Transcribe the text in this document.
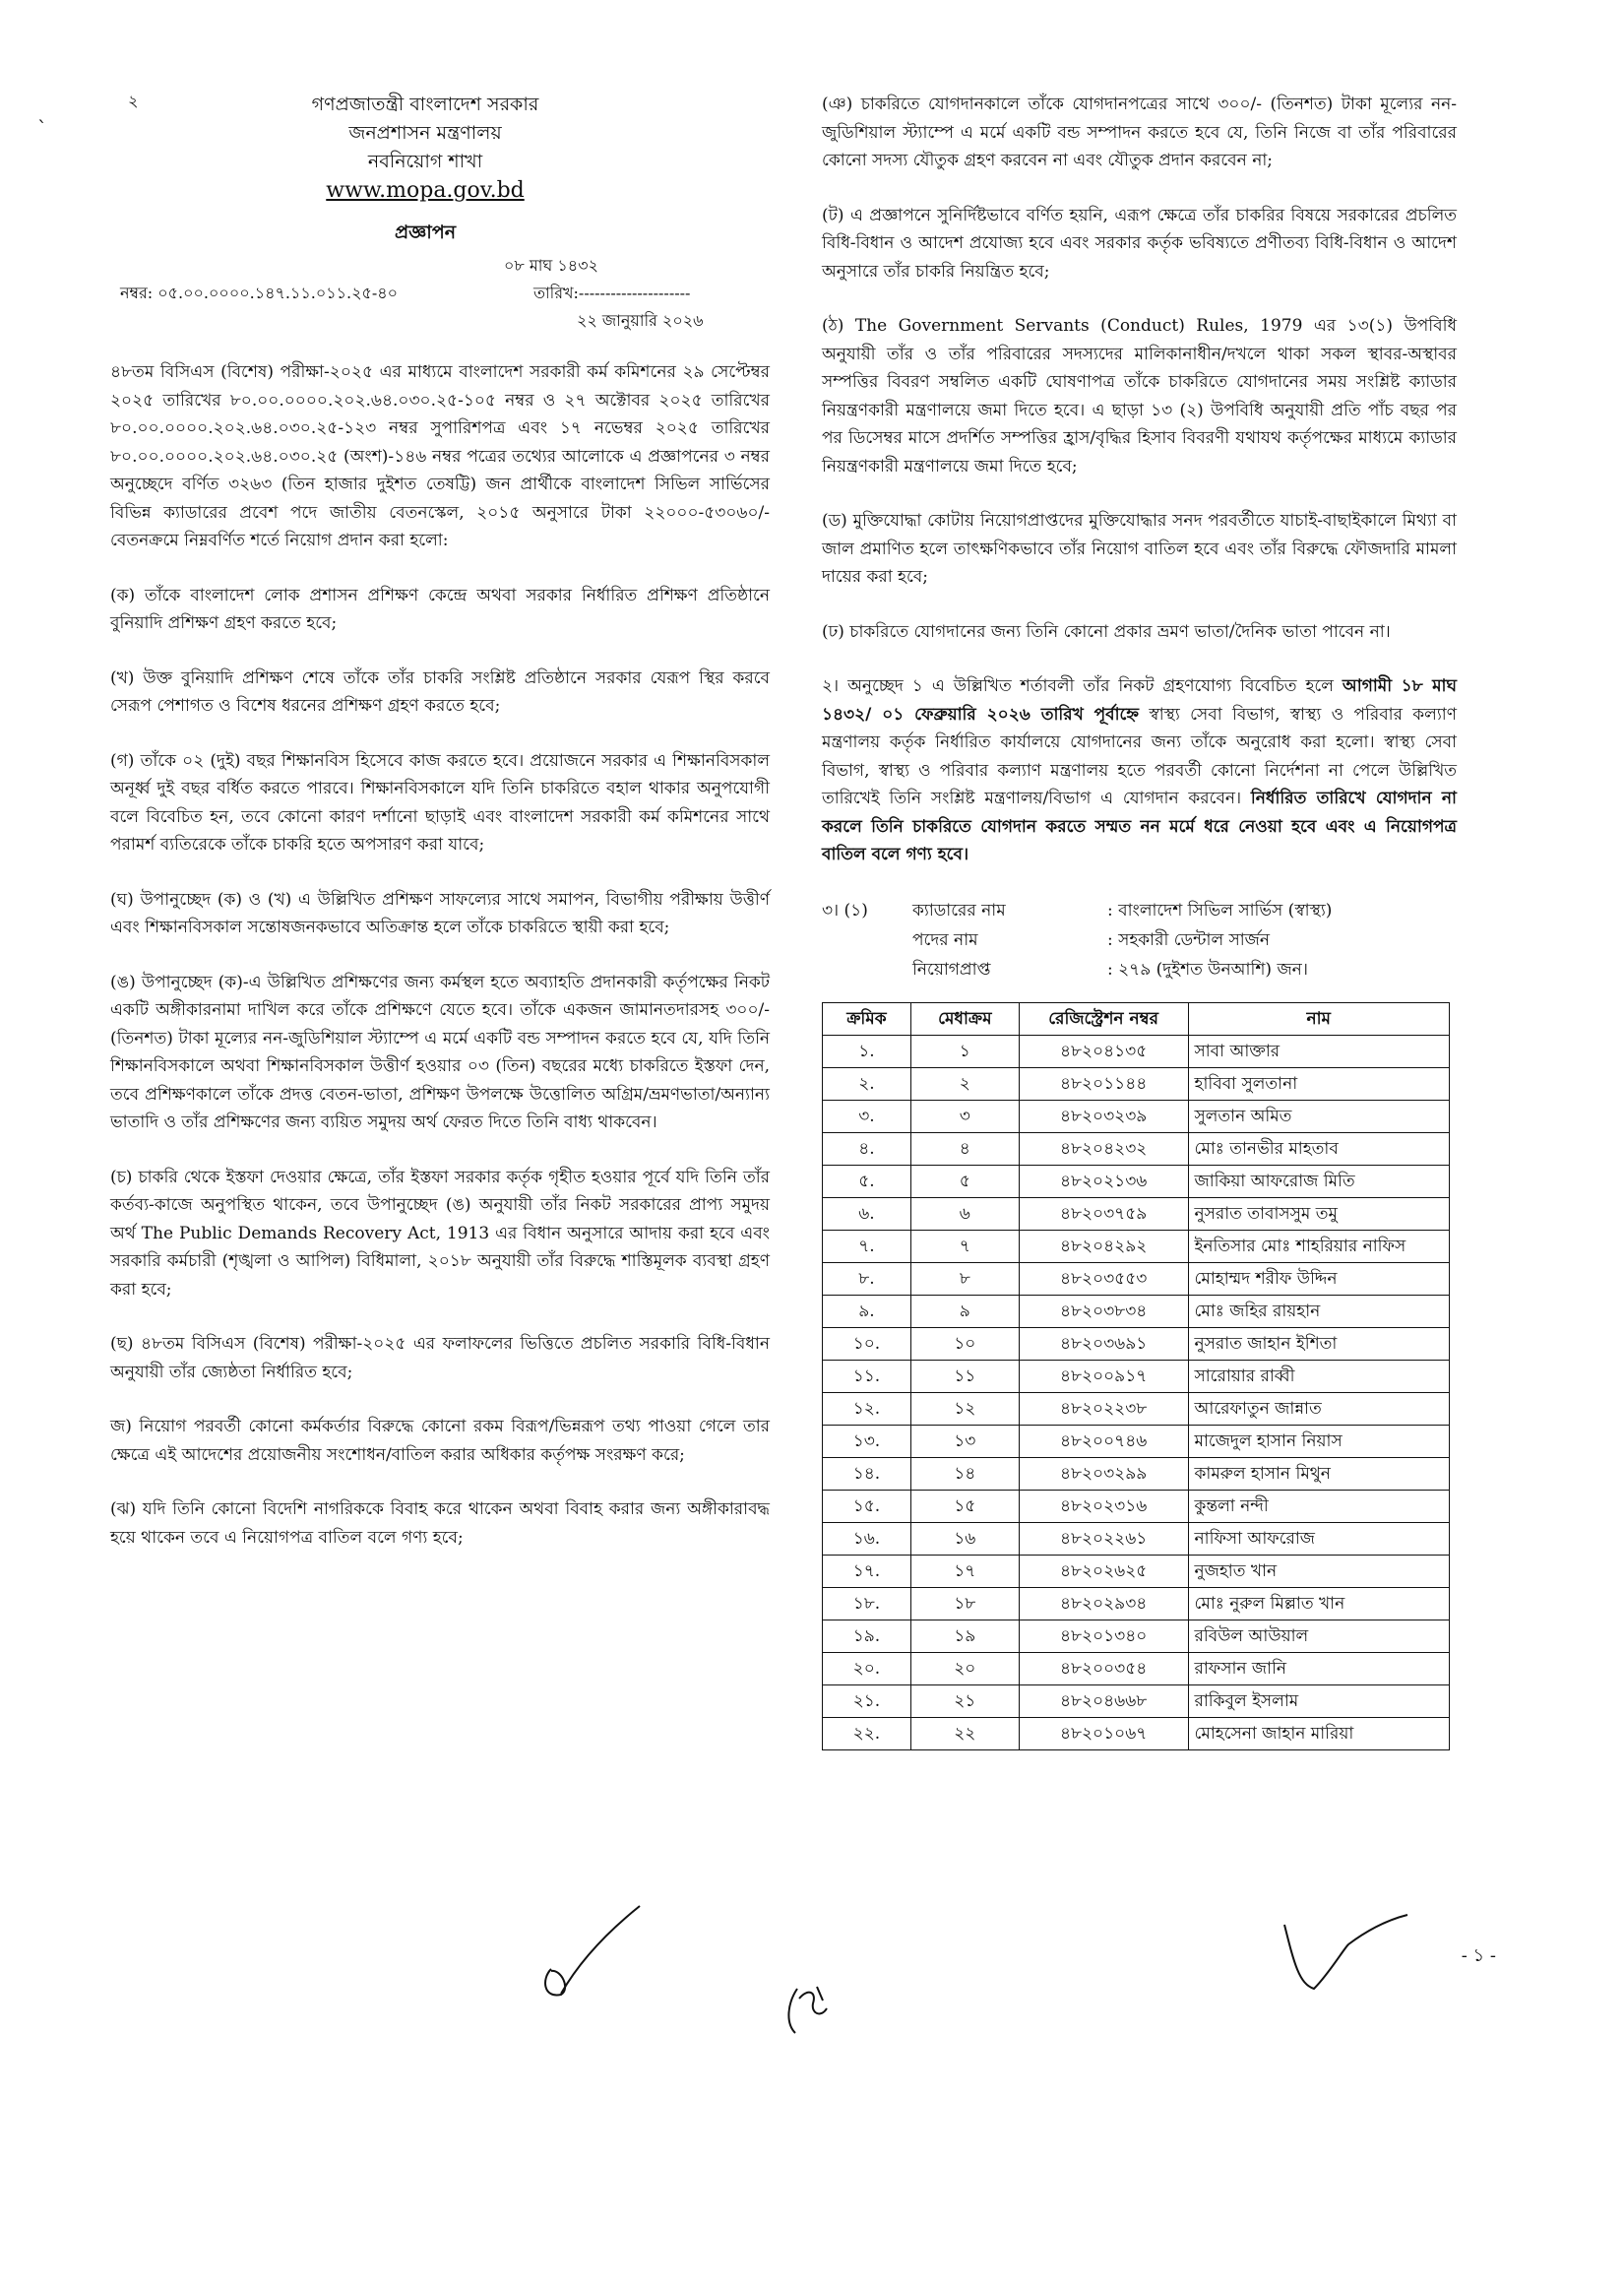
২
`
গণপ্রজাতন্ত্রী বাংলাদেশ সরকার
জনপ্রশাসন মন্ত্রণালয়
নবনিয়োগ শাখা
www.mopa.gov.bd
প্রজ্ঞাপন
০৮ মাঘ ১৪৩২
নম্বর: ০৫.০০.০০০০.১৪৭.১১.০১১.২৫-৪০	তারিখ:---------------------
২২ জানুয়ারি ২০২৬

৪৮তম বিসিএস (বিশেষ) পরীক্ষা-২০২৫ এর মাধ্যমে বাংলাদেশ সরকারী কর্ম কমিশনের ২৯ সেপ্টেম্বর ২০২৫ তারিখের ৮০.০০.০০০০.২০২.৬৪.০৩০.২৫-১০৫ নম্বর ও ২৭ অক্টোবর ২০২৫ তারিখের ৮০.০০.০০০০.২০২.৬৪.০৩০.২৫-১২৩ নম্বর সুপারিশপত্র এবং ১৭ নভেম্বর ২০২৫ তারিখের ৮০.০০.০০০০.২০২.৬৪.০৩০.২৫ (অংশ)-১৪৬ নম্বর পত্রের তথ্যের আলোকে এ প্রজ্ঞাপনের ৩ নম্বর অনুচ্ছেদে বর্ণিত ৩২৬৩ (তিন হাজার দুইশত তেষট্টি) জন প্রার্থীকে বাংলাদেশ সিভিল সার্ভিসের বিভিন্ন ক্যাডারের প্রবেশ পদে জাতীয় বেতনস্কেল, ২০১৫ অনুসারে টাকা ২২০০০-৫৩০৬০/- বেতনক্রমে নিম্নবর্ণিত শর্তে নিয়োগ প্রদান করা হলো:

(ক) তাঁকে বাংলাদেশ লোক প্রশাসন প্রশিক্ষণ কেন্দ্রে অথবা সরকার নির্ধারিত প্রশিক্ষণ প্রতিষ্ঠানে বুনিয়াদি প্রশিক্ষণ গ্রহণ করতে হবে;

(খ) উক্ত বুনিয়াদি প্রশিক্ষণ শেষে তাঁকে তাঁর চাকরি সংশ্লিষ্ট প্রতিষ্ঠানে সরকার যেরূপ স্থির করবে সেরূপ পেশাগত ও বিশেষ ধরনের প্রশিক্ষণ গ্রহণ করতে হবে;

(গ) তাঁকে ০২ (দুই) বছর শিক্ষানবিস হিসেবে কাজ করতে হবে। প্রয়োজনে সরকার এ শিক্ষানবিসকাল অনূর্ধ্ব দুই বছর বর্ধিত করতে পারবে। শিক্ষানবিসকালে যদি তিনি চাকরিতে বহাল থাকার অনুপযোগী বলে বিবেচিত হন, তবে কোনো কারণ দর্শানো ছাড়াই এবং বাংলাদেশ সরকারী কর্ম কমিশনের সাথে পরামর্শ ব্যতিরেকে তাঁকে চাকরি হতে অপসারণ করা যাবে;

(ঘ) উপানুচ্ছেদ (ক) ও (খ) এ উল্লিখিত প্রশিক্ষণ সাফল্যের সাথে সমাপন, বিভাগীয় পরীক্ষায় উত্তীর্ণ এবং শিক্ষানবিসকাল সন্তোষজনকভাবে অতিক্রান্ত হলে তাঁকে চাকরিতে স্থায়ী করা হবে;

(ঙ) উপানুচ্ছেদ (ক)-এ উল্লিখিত প্রশিক্ষণের জন্য কর্মস্থল হতে অব্যাহতি প্রদানকারী কর্তৃপক্ষের নিকট একটি অঙ্গীকারনামা দাখিল করে তাঁকে প্রশিক্ষণে যেতে হবে। তাঁকে একজন জামানতদারসহ ৩০০/- (তিনশত) টাকা মূল্যের নন-জুডিশিয়াল স্ট্যাম্পে এ মর্মে একটি বন্ড সম্পাদন করতে হবে যে, যদি তিনি শিক্ষানবিসকালে অথবা শিক্ষানবিসকাল উত্তীর্ণ হওয়ার ০৩ (তিন) বছরের মধ্যে চাকরিতে ইস্তফা দেন, তবে প্রশিক্ষণকালে তাঁকে প্রদত্ত বেতন-ভাতা, প্রশিক্ষণ উপলক্ষে উত্তোলিত অগ্রিম/ভ্রমণভাতা/অন্যান্য ভাতাদি ও তাঁর প্রশিক্ষণের জন্য ব্যয়িত সমুদয় অর্থ ফেরত দিতে তিনি বাধ্য থাকবেন।

(চ) চাকরি থেকে ইস্তফা দেওয়ার ক্ষেত্রে, তাঁর ইস্তফা সরকার কর্তৃক গৃহীত হওয়ার পূর্বে যদি তিনি তাঁর কর্তব্য-কাজে অনুপস্থিত থাকেন, তবে উপানুচ্ছেদ (ঙ) অনুযায়ী তাঁর নিকট সরকারের প্রাপ্য সমুদয় অর্থ The Public Demands Recovery Act, 1913 এর বিধান অনুসারে আদায় করা হবে এবং সরকারি কর্মচারী (শৃঙ্খলা ও আপিল) বিধিমালা, ২০১৮ অনুযায়ী তাঁর বিরুদ্ধে শাস্তিমূলক ব্যবস্থা গ্রহণ করা হবে;

(ছ) ৪৮তম বিসিএস (বিশেষ) পরীক্ষা-২০২৫ এর ফলাফলের ভিত্তিতে প্রচলিত সরকারি বিধি-বিধান অনুযায়ী তাঁর জ্যেষ্ঠতা নির্ধারিত হবে;

জ) নিয়োগ পরবর্তী কোনো কর্মকর্তার বিরুদ্ধে কোনো রকম বিরূপ/ভিন্নরূপ তথ্য পাওয়া গেলে তার ক্ষেত্রে এই আদেশের প্রয়োজনীয় সংশোধন/বাতিল করার অধিকার কর্তৃপক্ষ সংরক্ষণ করে;

(ঝ) যদি তিনি কোনো বিদেশি নাগরিককে বিবাহ করে থাকেন অথবা বিবাহ করার জন্য অঙ্গীকারাবদ্ধ হয়ে থাকেন তবে এ নিয়োগপত্র বাতিল বলে গণ্য হবে;

(ঞ) চাকরিতে যোগদানকালে তাঁকে যোগদানপত্রের সাথে ৩০০/- (তিনশত) টাকা মূল্যের নন-জুডিশিয়াল স্ট্যাম্পে এ মর্মে একটি বন্ড সম্পাদন করতে হবে যে, তিনি নিজে বা তাঁর পরিবারের কোনো সদস্য যৌতুক গ্রহণ করবেন না এবং যৌতুক প্রদান করবেন না;

(ট) এ প্রজ্ঞাপনে সুনির্দিষ্টভাবে বর্ণিত হয়নি, এরূপ ক্ষেত্রে তাঁর চাকরির বিষয়ে সরকারের প্রচলিত বিধি-বিধান ও আদেশ প্রযোজ্য হবে এবং সরকার কর্তৃক ভবিষ্যতে প্রণীতব্য বিধি-বিধান ও আদেশ অনুসারে তাঁর চাকরি নিয়ন্ত্রিত হবে;

(ঠ) The Government Servants (Conduct) Rules, 1979 এর ১৩(১) উপবিধি অনুযায়ী তাঁর ও তাঁর পরিবারের সদস্যদের মালিকানাধীন/দখলে থাকা সকল স্থাবর-অস্থাবর সম্পত্তির বিবরণ সম্বলিত একটি ঘোষণাপত্র তাঁকে চাকরিতে যোগদানের সময় সংশ্লিষ্ট ক্যাডার নিয়ন্ত্রণকারী মন্ত্রণালয়ে জমা দিতে হবে। এ ছাড়া ১৩ (২) উপবিধি অনুযায়ী প্রতি পাঁচ বছর পর পর ডিসেম্বর মাসে প্রদর্শিত সম্পত্তির হ্রাস/বৃদ্ধির হিসাব বিবরণী যথাযথ কর্তৃপক্ষের মাধ্যমে ক্যাডার নিয়ন্ত্রণকারী মন্ত্রণালয়ে জমা দিতে হবে;

(ড) মুক্তিযোদ্ধা কোটায় নিয়োগপ্রাপ্তদের মুক্তিযোদ্ধার সনদ পরবর্তীতে যাচাই-বাছাইকালে মিথ্যা বা জাল প্রমাণিত হলে তাৎক্ষণিকভাবে তাঁর নিয়োগ বাতিল হবে এবং তাঁর বিরুদ্ধে ফৌজদারি মামলা দায়ের করা হবে;

(ঢ) চাকরিতে যোগদানের জন্য তিনি কোনো প্রকার ভ্রমণ ভাতা/দৈনিক ভাতা পাবেন না।

২। অনুচ্ছেদ ১ এ উল্লিখিত শর্তাবলী তাঁর নিকট গ্রহণযোগ্য বিবেচিত হলে আগামী ১৮ মাঘ ১৪৩২/ ০১ ফেব্রুয়ারি ২০২৬ তারিখ পূর্বাহ্নে স্বাস্থ্য সেবা বিভাগ, স্বাস্থ্য ও পরিবার কল্যাণ মন্ত্রণালয় কর্তৃক নির্ধারিত কার্যালয়ে যোগদানের জন্য তাঁকে অনুরোধ করা হলো। স্বাস্থ্য সেবা বিভাগ, স্বাস্থ্য ও পরিবার কল্যাণ মন্ত্রণালয় হতে পরবর্তী কোনো নির্দেশনা না পেলে উল্লিখিত তারিখেই তিনি সংশ্লিষ্ট মন্ত্রণালয়/বিভাগ এ যোগদান করবেন। নির্ধারিত তারিখে যোগদান না করলে তিনি চাকরিতে যোগদান করতে সম্মত নন মর্মে ধরে নেওয়া হবে এবং এ নিয়োগপত্র বাতিল বলে গণ্য হবে।

৩। (১)	ক্যাডারের নাম	: বাংলাদেশ সিভিল সার্ভিস (স্বাস্থ্য)
পদের নাম	: সহকারী ডেন্টাল সার্জন
নিয়োগপ্রাপ্ত	: ২৭৯ (দুইশত উনআশি) জন।
ক্রমিক	মেধাক্রম	রেজিস্ট্রেশন নম্বর	নাম
১.	১	৪৮২০৪১৩৫	সাবা আক্তার
২.	২	৪৮২০১১৪৪	হাবিবা সুলতানা
৩.	৩	৪৮২০৩২৩৯	সুলতান অমিত
৪.	৪	৪৮২০৪২৩২	মোঃ তানভীর মাহতাব
৫.	৫	৪৮২০২১৩৬	জাকিয়া আফরোজ মিতি
৬.	৬	৪৮২০৩৭৫৯	নুসরাত তাবাসসুম তমু
৭.	৭	৪৮২০৪২৯২	ইনতিসার মোঃ শাহরিয়ার নাফিস
৮.	৮	৪৮২০৩৫৫৩	মোহাম্মদ শরীফ উদ্দিন
৯.	৯	৪৮২০৩৮৩৪	মোঃ জহির রায়হান
১০.	১০	৪৮২০৩৬৯১	নুসরাত জাহান ইশিতা
১১.	১১	৪৮২০০৯১৭	সারোয়ার রাব্বী
১২.	১২	৪৮২০২২৩৮	আরেফাতুন জান্নাত
১৩.	১৩	৪৮২০০৭৪৬	মাজেদুল হাসান নিয়াস
১৪.	১৪	৪৮২০৩২৯৯	কামরুল হাসান মিথুন
১৫.	১৫	৪৮২০২৩১৬	কুন্তলা নন্দী
১৬.	১৬	৪৮২০২২৬১	নাফিসা আফরোজ
১৭.	১৭	৪৮২০২৬২৫	নুজহাত খান
১৮.	১৮	৪৮২০২৯৩৪	মোঃ নুরুল মিল্লাত খান
১৯.	১৯	৪৮২০১৩৪০	রবিউল আউয়াল
২০.	২০	৪৮২০০৩৫৪	রাফসান জানি
২১.	২১	৪৮২০৪৬৬৮	রাকিবুল ইসলাম
২২.	২২	৪৮২০১০৬৭	মোহসেনা জাহান মারিয়া
- ১ -
